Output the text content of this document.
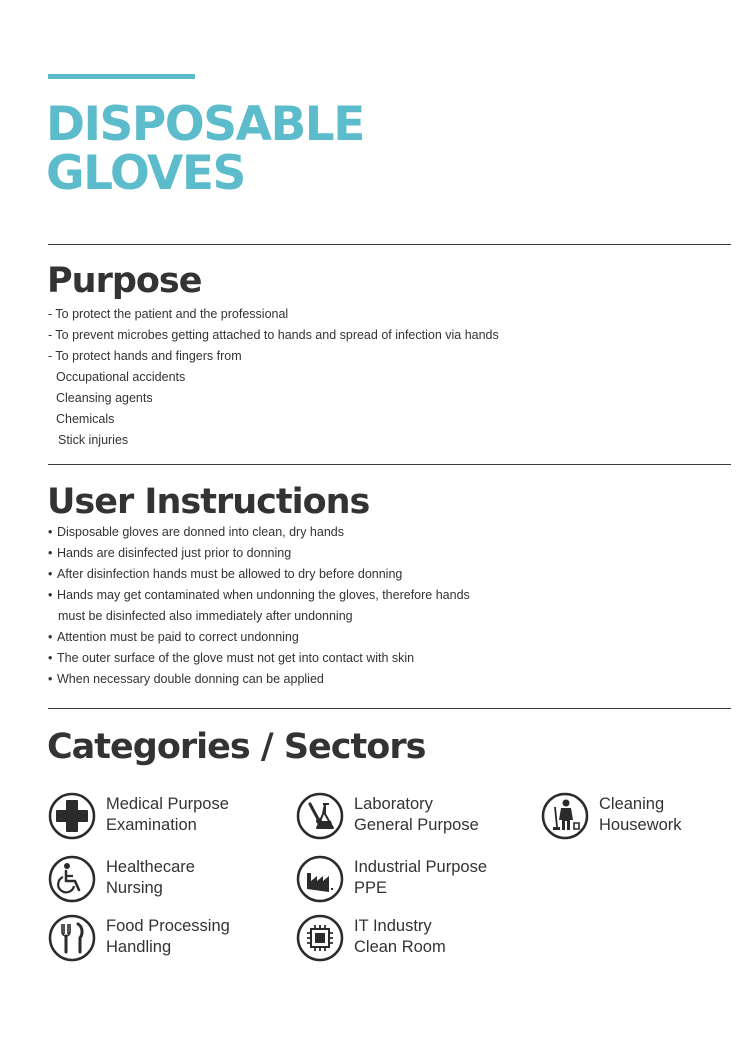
DISPOSABLE
GLOVES
Purpose
- To protect the patient and the professional
- To prevent microbes getting attached to hands and spread of infection via hands
- To protect hands and fingers from
Occupational accidents
Cleansing agents
Chemicals
Stick injuries
User Instructions
• Disposable gloves are donned into clean, dry hands
• Hands are disinfected just prior to donning
• After disinfection hands must be allowed to dry before donning
• Hands may get contaminated when undonning the gloves, therefore hands
must be disinfected also immediately after undonning
• Attention must be paid to correct undonning
• The outer surface of the glove must not get into contact with skin
• When necessary double donning can be applied
Categories / Sectors
Medical Purpose
Examination
Laboratory
General Purpose
Cleaning
Housework
Healthecare
Nursing
Industrial Purpose
PPE
Food Processing
Handling
IT Industry
Clean Room
